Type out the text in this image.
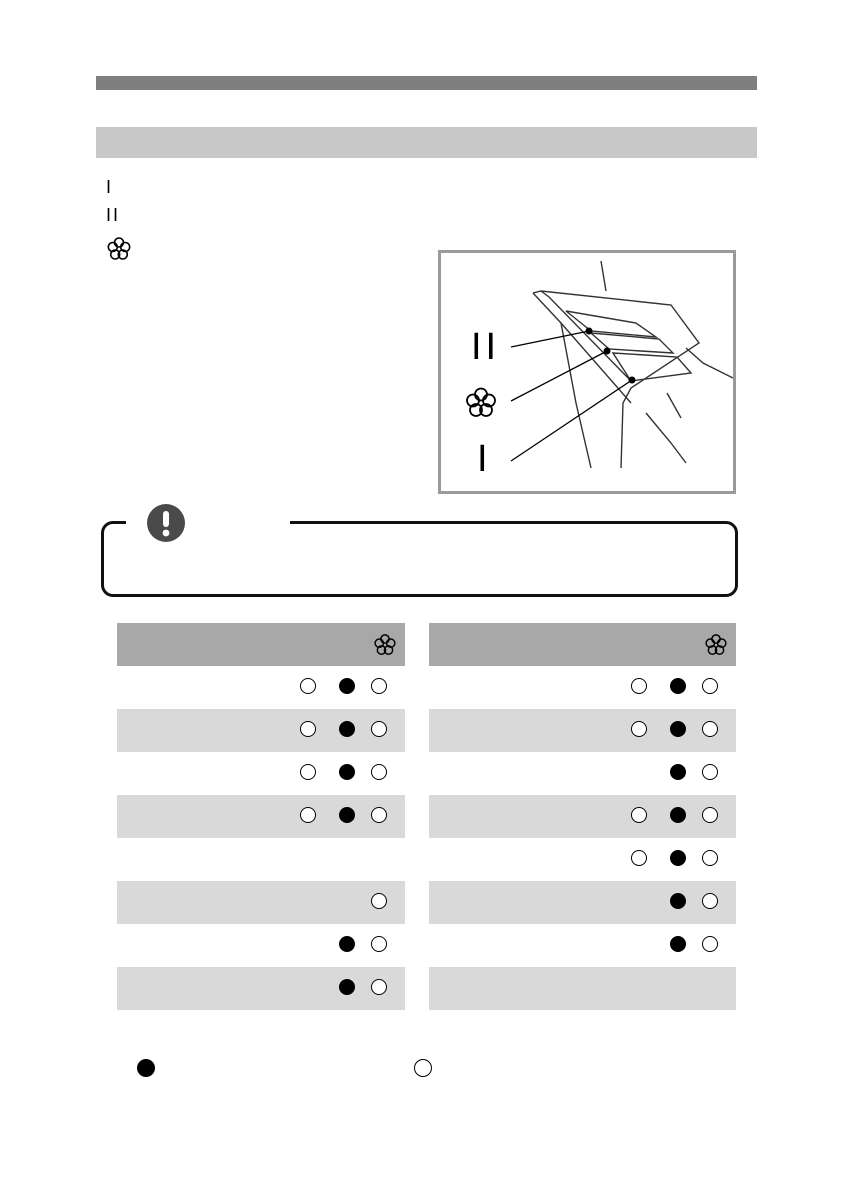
I
II
II
I
